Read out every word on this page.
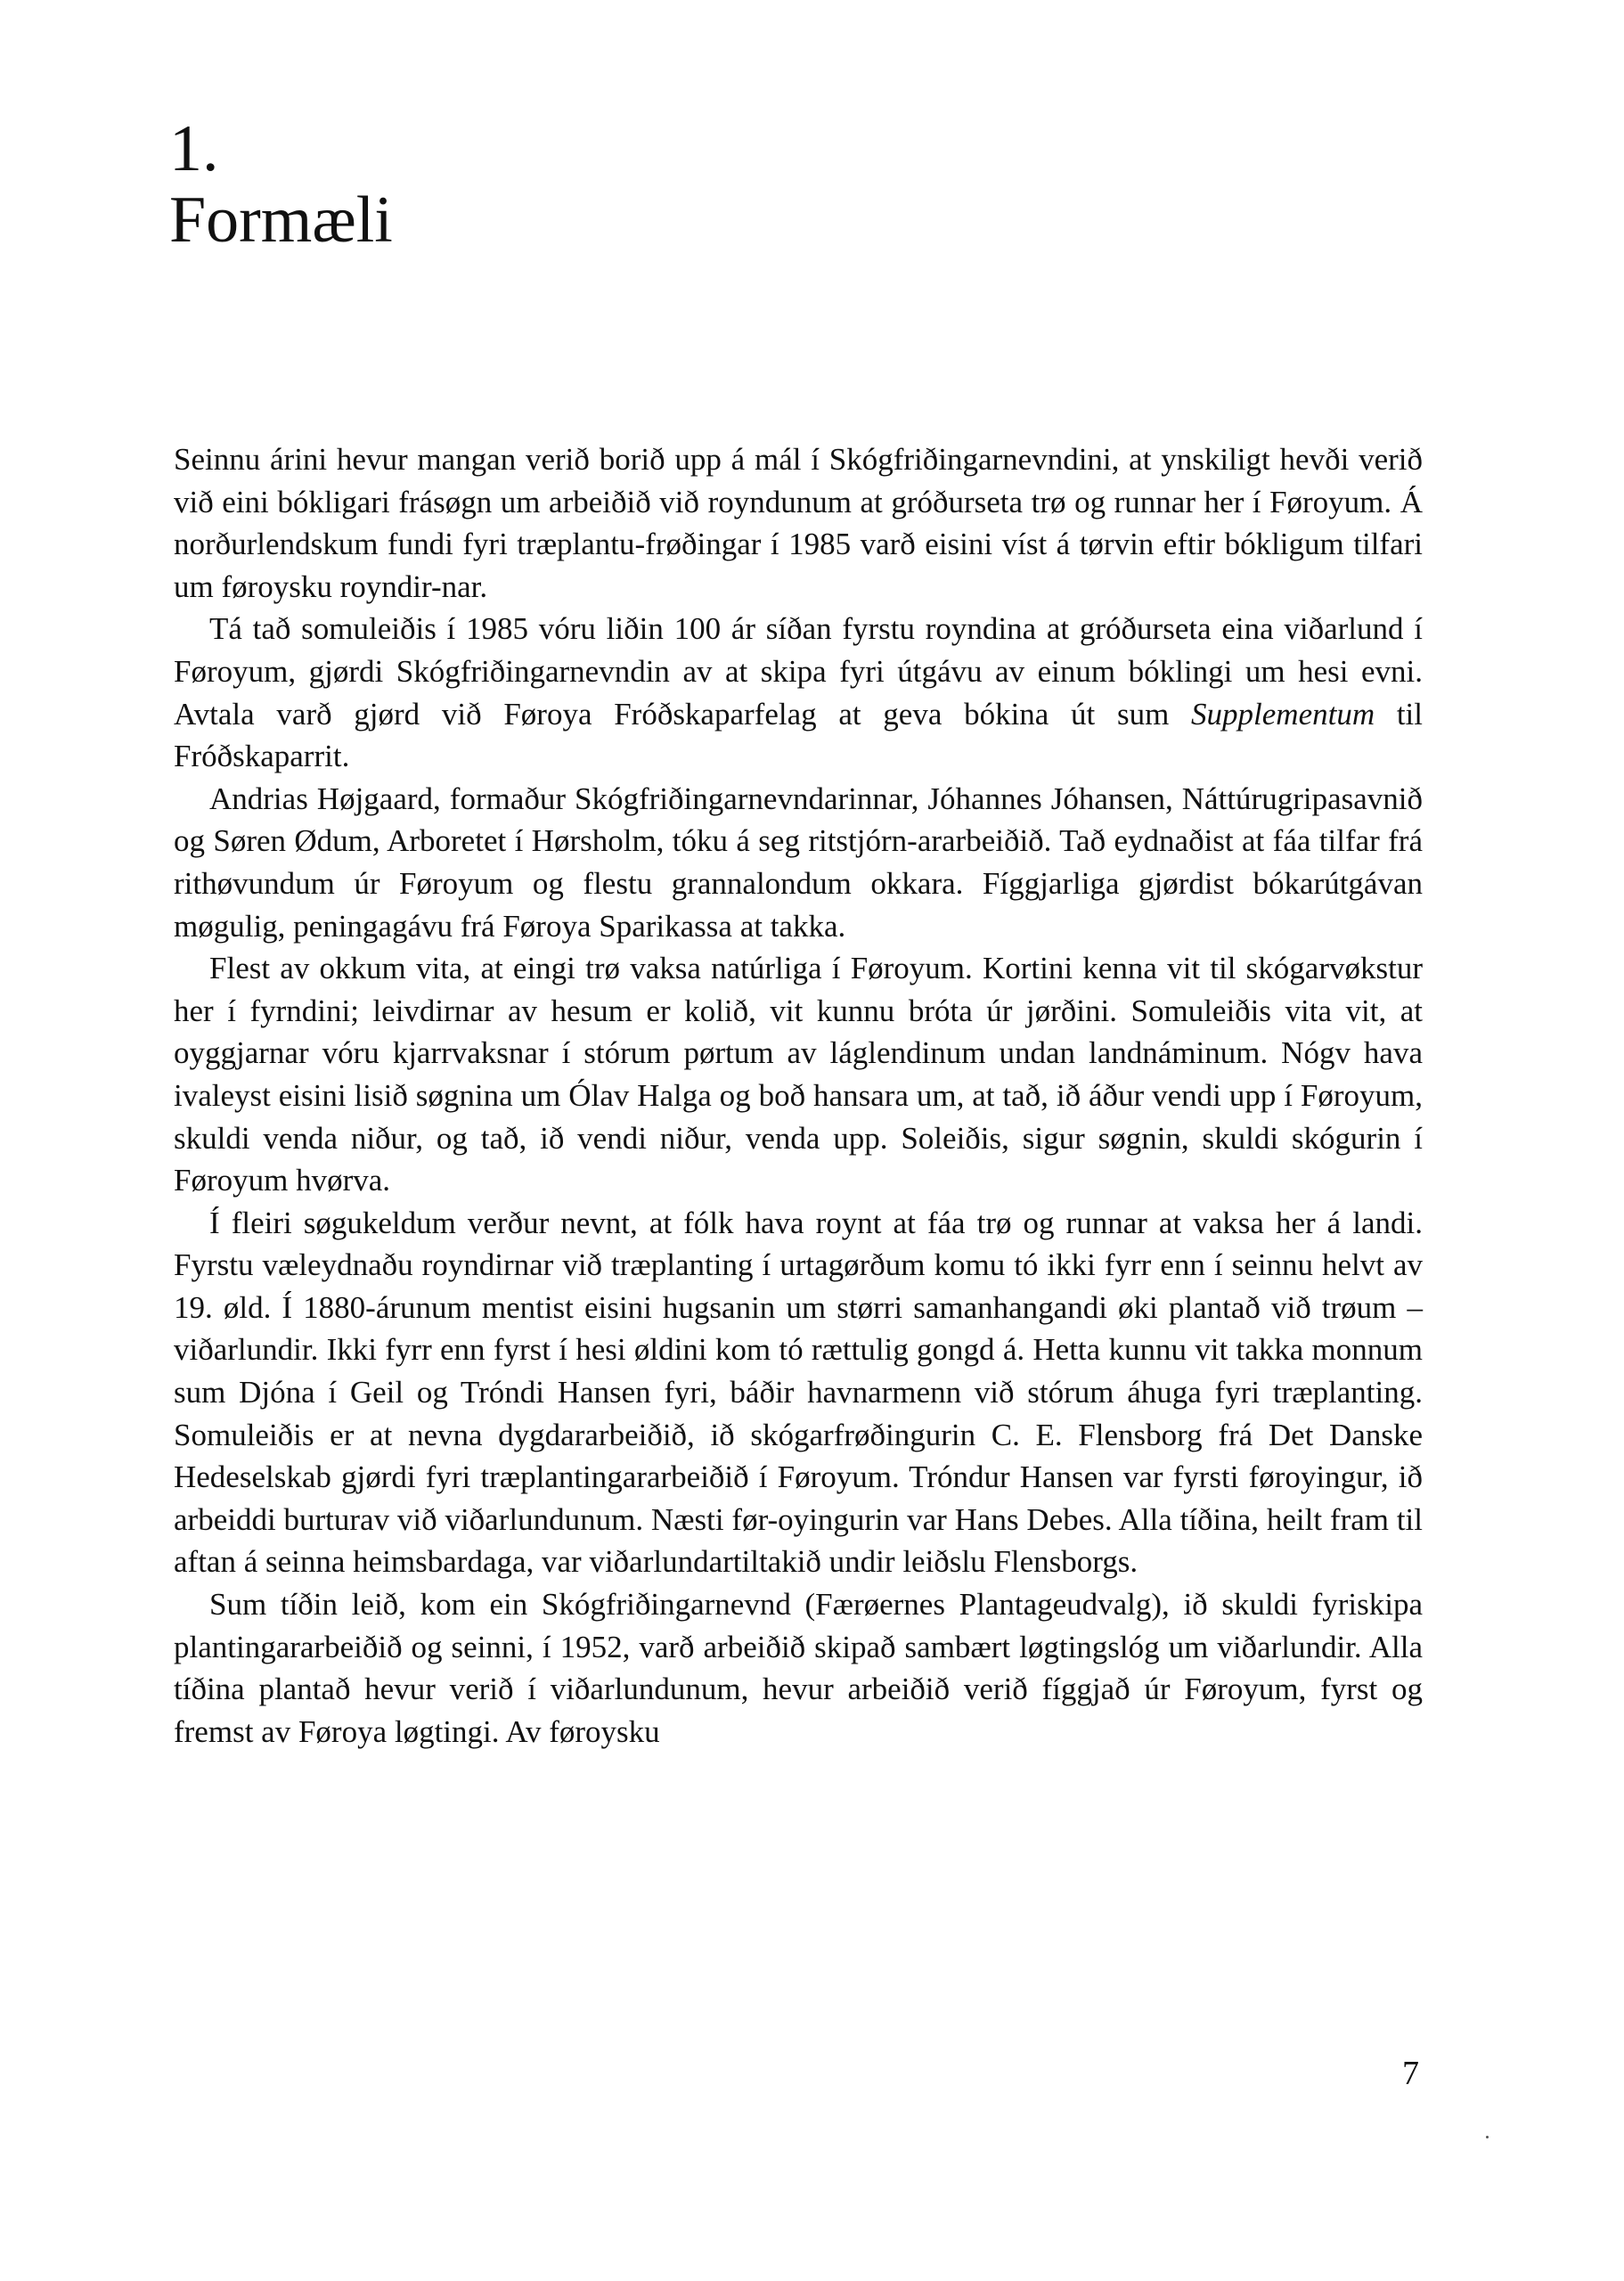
1.
Formæli

Seinnu árini hevur mangan verið borið upp á mál í Skógfriðingarnevndini, at ynskiligt hevði verið við eini bókligari frásøgn um arbeiðið við royndunum at gróðurseta trø og runnar her í Føroyum. Á norðurlendskum fundi fyri træplantu-frøðingar í 1985 varð eisini víst á tørvin eftir bókligum tilfari um føroysku royndir-nar.

Tá tað somuleiðis í 1985 vóru liðin 100 ár síðan fyrstu royndina at gróðurseta eina viðarlund í Føroyum, gjørdi Skógfriðingarnevndin av at skipa fyri útgávu av einum bóklingi um hesi evni. Avtala varð gjørd við Føroya Fróðskaparfelag at geva bókina út sum Supplementum til Fróðskaparrit.

Andrias Højgaard, formaður Skógfriðingarnevndarinnar, Jóhannes Jóhansen, Náttúrugripasavnið og Søren Ødum, Arboretet í Hørsholm, tóku á seg ritstjórn-ararbeiðið. Tað eydnaðist at fáa tilfar frá rithøvundum úr Føroyum og flestu grannalondum okkara. Fíggjarliga gjørdist bókarútgávan møgulig, peningagávu frá Føroya Sparikassa at takka.

Flest av okkum vita, at eingi trø vaksa natúrliga í Føroyum. Kortini kenna vit til skógarvøkstur her í fyrndini; leivdirnar av hesum er kolið, vit kunnu bróta úr jørðini. Somuleiðis vita vit, at oyggjarnar vóru kjarrvaksnar í stórum pørtum av láglendinum undan landnáminum. Nógv hava ivaleyst eisini lisið søgnina um Ólav Halga og boð hansara um, at tað, ið áður vendi upp í Føroyum, skuldi venda niður, og tað, ið vendi niður, venda upp. Soleiðis, sigur søgnin, skuldi skógurin í Føroyum hvørva.

Í fleiri søgukeldum verður nevnt, at fólk hava roynt at fáa trø og runnar at vaksa her á landi. Fyrstu væleydnaðu royndirnar við træplanting í urtagørðum komu tó ikki fyrr enn í seinnu helvt av 19. øld. Í 1880-árunum mentist eisini hugsanin um størri samanhangandi øki plantað við trøum – viðarlundir. Ikki fyrr enn fyrst í hesi øldini kom tó rættulig gongd á. Hetta kunnu vit takka monnum sum Djóna í Geil og Tróndi Hansen fyri, báðir havnarmenn við stórum áhuga fyri træplanting. Somuleiðis er at nevna dygdararbeiðið, ið skógarfrøðingurin C. E. Flensborg frá Det Danske Hedeselskab gjørdi fyri træplantingararbeiðið í Føroyum. Tróndur Hansen var fyrsti føroyingur, ið arbeiddi burturav við viðarlundunum. Næsti før-oyingurin var Hans Debes. Alla tíðina, heilt fram til aftan á seinna heimsbardaga, var viðarlundartiltakið undir leiðslu Flensborgs.

Sum tíðin leið, kom ein Skógfriðingarnevnd (Færøernes Plantageudvalg), ið skuldi fyriskipa plantingararbeiðið og seinni, í 1952, varð arbeiðið skipað sambært løgtingslóg um viðarlundir. Alla tíðina plantað hevur verið í viðarlundunum, hevur arbeiðið verið fíggjað úr Føroyum, fyrst og fremst av Føroya løgtingi. Av føroysku

7
